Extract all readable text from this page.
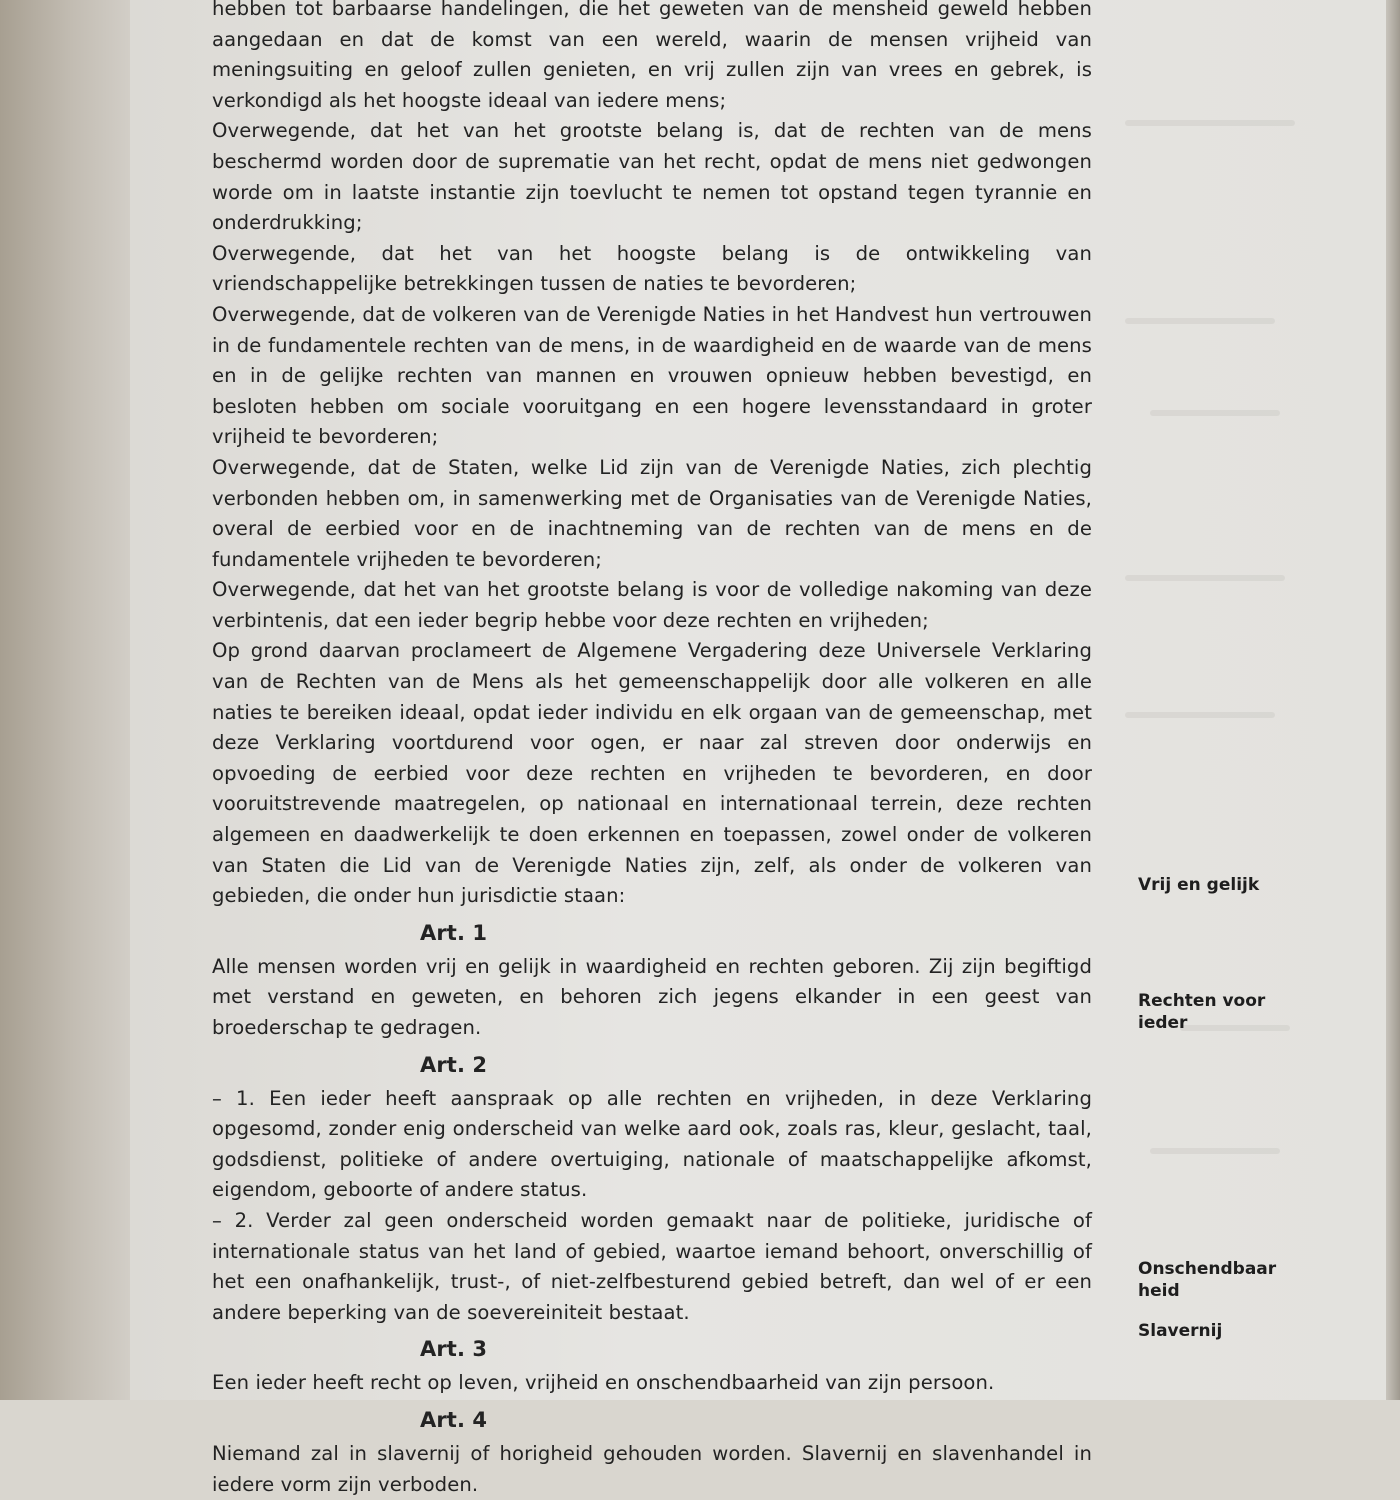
hebben tot barbaarse handelingen, die het geweten van de mensheid geweld hebben aangedaan en dat de komst van een wereld, waarin de mensen vrijheid van meningsuiting en geloof zullen genieten, en vrij zullen zijn van vrees en gebrek, is verkondigd als het hoogste ideaal van iedere mens;

Overwegende, dat het van het grootste belang is, dat de rechten van de mens beschermd worden door de suprematie van het recht, opdat de mens niet gedwongen worde om in laatste instantie zijn toevlucht te nemen tot opstand tegen tyrannie en onderdrukking;

Overwegende, dat het van het hoogste belang is de ontwikkeling van vriendschappelijke betrekkingen tussen de naties te bevorderen;

Overwegende, dat de volkeren van de Verenigde Naties in het Handvest hun vertrouwen in de fundamentele rechten van de mens, in de waardigheid en de waarde van de mens en in de gelijke rechten van mannen en vrouwen opnieuw hebben bevestigd, en besloten hebben om sociale vooruitgang en een hogere levensstandaard in groter vrijheid te bevorderen;

Overwegende, dat de Staten, welke Lid zijn van de Verenigde Naties, zich plechtig verbonden hebben om, in samenwerking met de Organisaties van de Verenigde Naties, overal de eerbied voor en de inachtneming van de rechten van de mens en de fundamentele vrijheden te bevorderen;

Overwegende, dat het van het grootste belang is voor de volledige nakoming van deze verbintenis, dat een ieder begrip hebbe voor deze rechten en vrijheden;

Op grond daarvan proclameert de Algemene Vergadering deze Universele Verklaring van de Rechten van de Mens als het gemeenschappelijk door alle volkeren en alle naties te bereiken ideaal, opdat ieder individu en elk orgaan van de gemeenschap, met deze Verklaring voortdurend voor ogen, er naar zal streven door onderwijs en opvoeding de eerbied voor deze rechten en vrijheden te bevorderen, en door vooruitstrevende maatregelen, op nationaal en internationaal terrein, deze rechten algemeen en daadwerkelijk te doen erkennen en toepassen, zowel onder de volkeren van Staten die Lid van de Verenigde Naties zijn, zelf, als onder de volkeren van gebieden, die onder hun jurisdictie staan:

Art. 1

Alle mensen worden vrij en gelijk in waardigheid en rechten geboren. Zij zijn begiftigd met verstand en geweten, en behoren zich jegens elkander in een geest van broederschap te gedragen.

Art. 2

– 1. Een ieder heeft aanspraak op alle rechten en vrijheden, in deze Verklaring opgesomd, zonder enig onderscheid van welke aard ook, zoals ras, kleur, geslacht, taal, godsdienst, politieke of andere overtuiging, nationale of maatschappelijke afkomst, eigendom, geboorte of andere status.

– 2. Verder zal geen onderscheid worden gemaakt naar de politieke, juridische of internationale status van het land of gebied, waartoe iemand behoort, onverschillig of het een onafhankelijk, trust-, of niet-zelfbesturend gebied betreft, dan wel of er een andere beperking van de soevereiniteit bestaat.

Art. 3

Een ieder heeft recht op leven, vrijheid en onschendbaarheid van zijn persoon.

Art. 4

Niemand zal in slavernij of horigheid gehouden worden. Slavernij en slavenhandel in iedere vorm zijn verboden.

Vrij en gelijk
Rechten voor ieder
Onschendbaarheid
Slavernij
